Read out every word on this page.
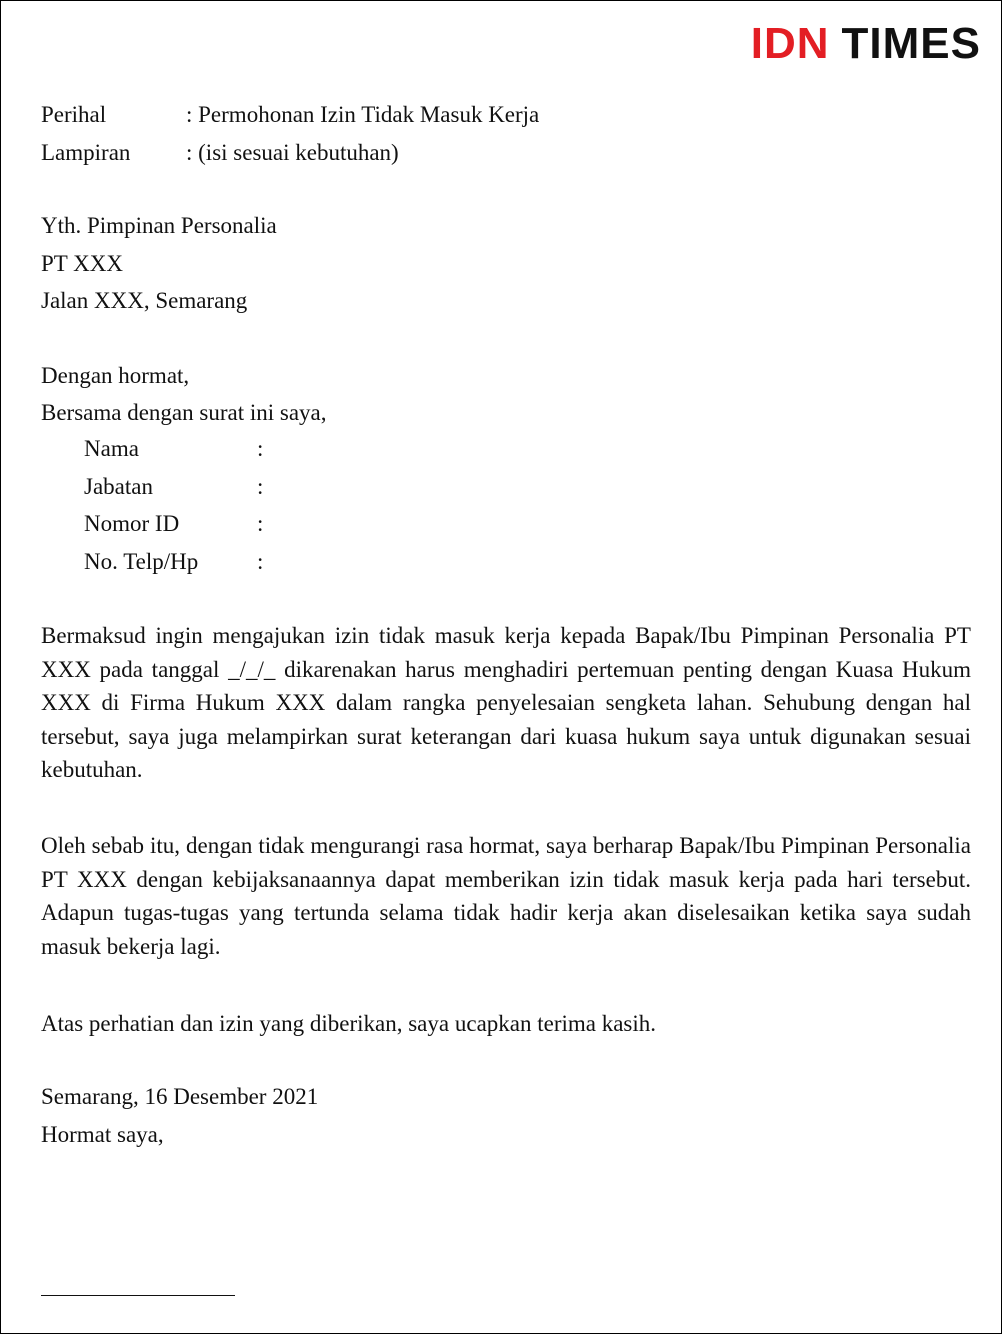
IDN TIMES
Perihal	: Permohonan Izin Tidak Masuk Kerja
Lampiran : (isi sesuai kebutuhan)
Yth. Pimpinan Personalia
PT XXX
Jalan XXX, Semarang
Dengan hormat,
Bersama dengan surat ini saya,
Nama	:
Jabatan	:
Nomor ID	:
No. Telp/Hp	:
Bermaksud ingin mengajukan izin tidak masuk kerja kepada Bapak/Ibu Pimpinan Personalia PT XXX pada tanggal _/_/_ dikarenakan harus menghadiri pertemuan penting dengan Kuasa Hukum XXX di Firma Hukum XXX dalam rangka penyelesaian sengketa lahan. Sehubung dengan hal tersebut, saya juga melampirkan surat keterangan dari kuasa hukum saya untuk digunakan sesuai kebutuhan.
Oleh sebab itu, dengan tidak mengurangi rasa hormat, saya berharap Bapak/Ibu Pimpinan Personalia PT XXX dengan kebijaksanaannya dapat memberikan izin tidak masuk kerja pada hari tersebut. Adapun tugas-tugas yang tertunda selama tidak hadir kerja akan diselesaikan ketika saya sudah masuk bekerja lagi.
Atas perhatian dan izin yang diberikan, saya ucapkan terima kasih.
Semarang, 16 Desember 2021
Hormat saya,
